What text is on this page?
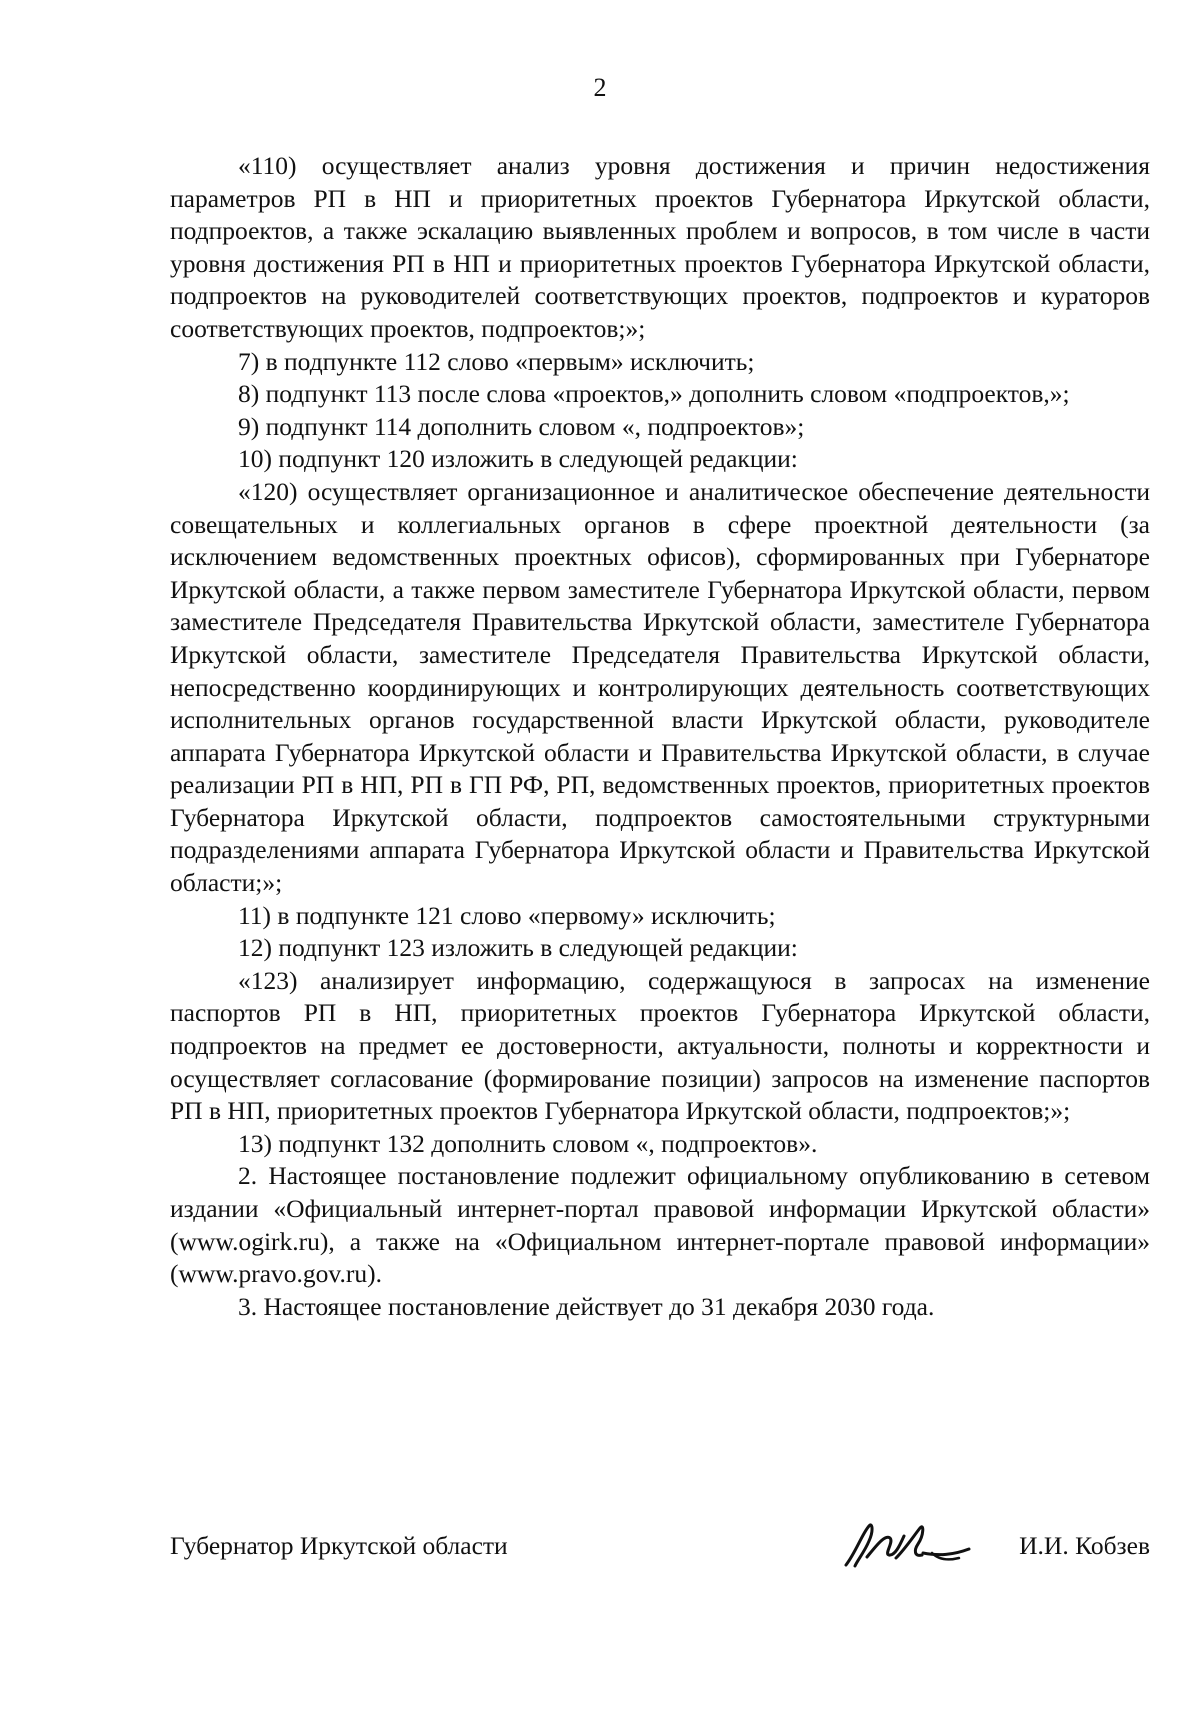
2

«110) осуществляет анализ уровня достижения и причин недостижения параметров РП в НП и приоритетных проектов Губернатора Иркутской области, подпроектов, а также эскалацию выявленных проблем и вопросов, в том числе в части уровня достижения РП в НП и приоритетных проектов Губернатора Иркутской области, подпроектов на руководителей соответствующих проектов, подпроектов и кураторов соответствующих проектов, подпроектов;»;

7) в подпункте 112 слово «первым» исключить;

8) подпункт 113 после слова «проектов,» дополнить словом «подпроектов,»;

9) подпункт 114 дополнить словом «, подпроектов»;

10) подпункт 120 изложить в следующей редакции:

«120) осуществляет организационное и аналитическое обеспечение деятельности совещательных и коллегиальных органов в сфере проектной деятельности (за исключением ведомственных проектных офисов), сформированных при Губернаторе Иркутской области, а также первом заместителе Губернатора Иркутской области, первом заместителе Председателя Правительства Иркутской области, заместителе Губернатора Иркутской области, заместителе Председателя Правительства Иркутской области, непосредственно координирующих и контролирующих деятельность соответствующих исполнительных органов государственной власти Иркутской области, руководителе аппарата Губернатора Иркутской области и Правительства Иркутской области, в случае реализации РП в НП, РП в ГП РФ, РП, ведомственных проектов, приоритетных проектов Губернатора Иркутской области, подпроектов самостоятельными структурными подразделениями аппарата Губернатора Иркутской области и Правительства Иркутской области;»;

11) в подпункте 121 слово «первому» исключить;

12) подпункт 123 изложить в следующей редакции:

«123) анализирует информацию, содержащуюся в запросах на изменение паспортов РП в НП, приоритетных проектов Губернатора Иркутской области, подпроектов на предмет ее достоверности, актуальности, полноты и корректности и осуществляет согласование (формирование позиции) запросов на изменение паспортов РП в НП, приоритетных проектов Губернатора Иркутской области, подпроектов;»;

13) подпункт 132 дополнить словом «, подпроектов».

2. Настоящее постановление подлежит официальному опубликованию в сетевом издании «Официальный интернет-портал правовой информации Иркутской области» (www.ogirk.ru), а также на «Официальном интернет-портале правовой информации» (www.pravo.gov.ru).

3. Настоящее постановление действует до 31 декабря 2030 года.

Губернатор Иркутской области	И.И. Кобзев
